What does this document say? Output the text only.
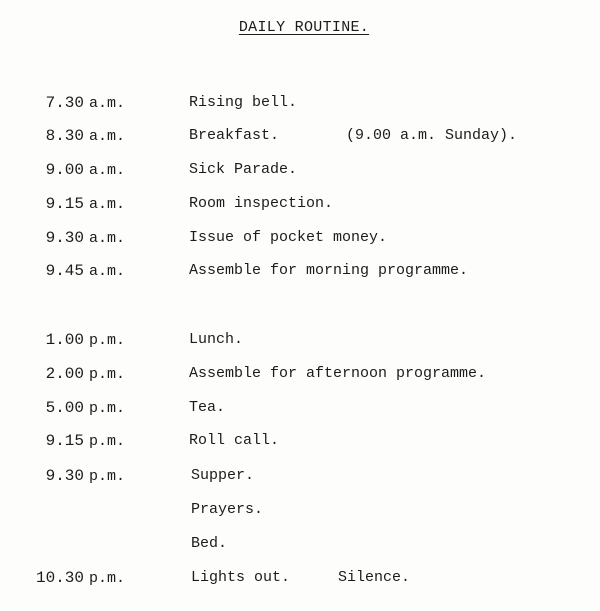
DAILY ROUTINE.
7.30 a.m.	Rising bell.
8.30 a.m.	Breakfast.	(9.00 a.m. Sunday).
9.00 a.m.	Sick Parade.
9.15 a.m.	Room inspection.
9.30 a.m.	Issue of pocket money.
9.45 a.m.	Assemble for morning programme.
1.00 p.m.	Lunch.
2.00 p.m.	Assemble for afternoon programme.
5.00 p.m.	Tea.
9.15 p.m.	Roll call.
9.30 p.m.	Supper.
Prayers.
Bed.
10.30 p.m.	Lights out.	Silence.
